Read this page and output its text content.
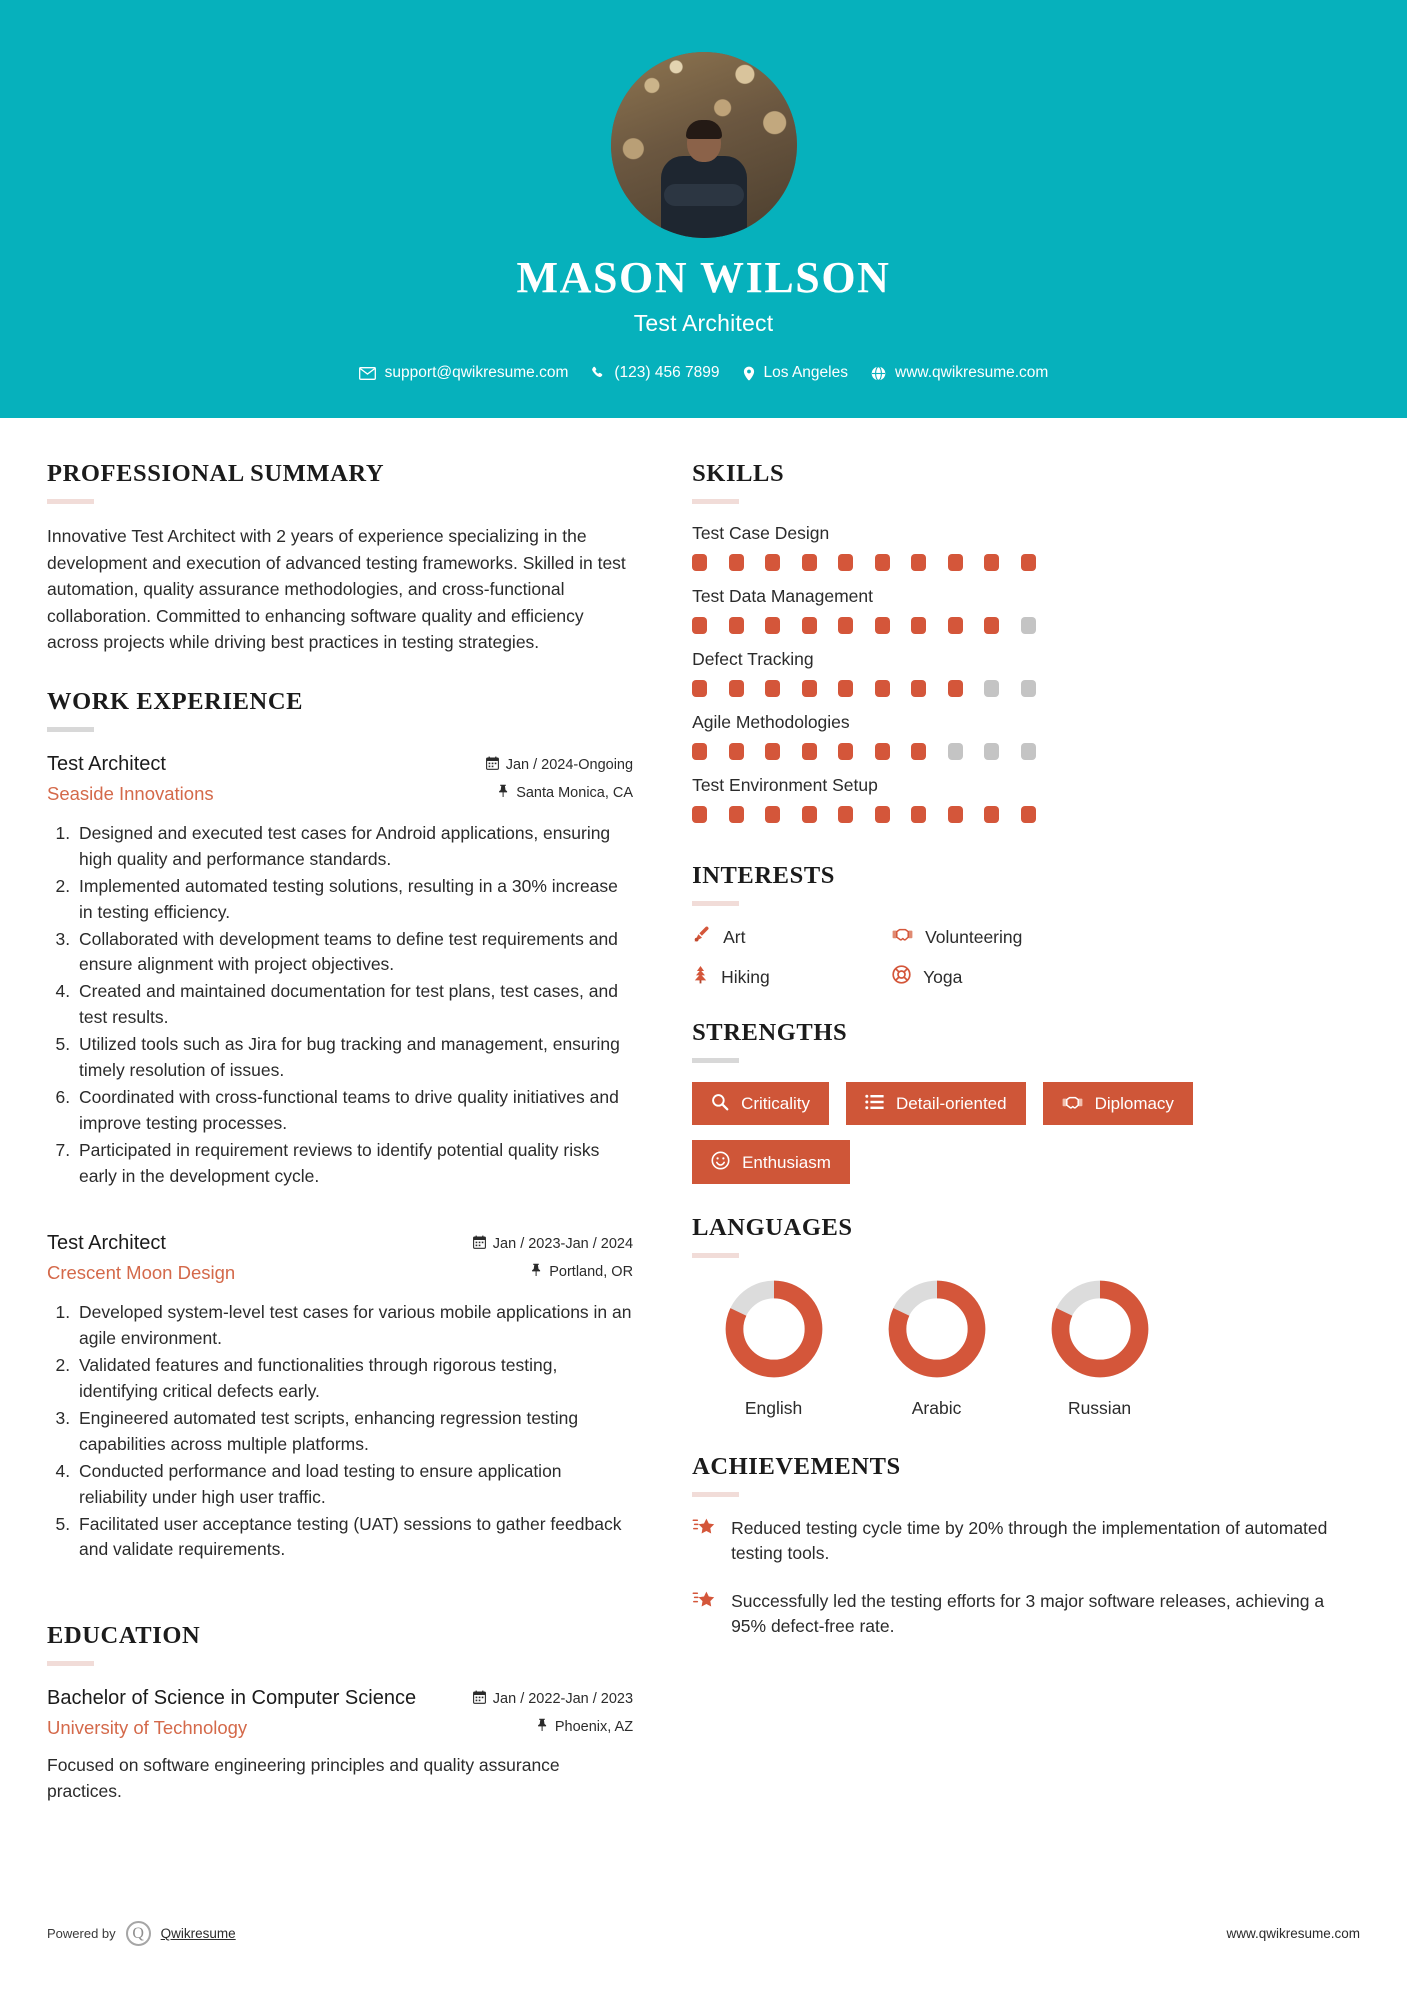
MASON WILSON
Test Architect
support@qwikresume.com	(123) 456 7899	Los Angeles	www.qwikresume.com
PROFESSIONAL SUMMARY
Innovative Test Architect with 2 years of experience specializing in the development and execution of advanced testing frameworks. Skilled in test automation, quality assurance methodologies, and cross-functional collaboration. Committed to enhancing software quality and efficiency across projects while driving best practices in testing strategies.
WORK EXPERIENCE
Test Architect
Seaside Innovations
Jan / 2024-Ongoing
Santa Monica, CA
1. Designed and executed test cases for Android applications, ensuring high quality and performance standards.
2. Implemented automated testing solutions, resulting in a 30% increase in testing efficiency.
3. Collaborated with development teams to define test requirements and ensure alignment with project objectives.
4. Created and maintained documentation for test plans, test cases, and test results.
5. Utilized tools such as Jira for bug tracking and management, ensuring timely resolution of issues.
6. Coordinated with cross-functional teams to drive quality initiatives and improve testing processes.
7. Participated in requirement reviews to identify potential quality risks early in the development cycle.
Test Architect
Crescent Moon Design
Jan / 2023-Jan / 2024
Portland, OR
1. Developed system-level test cases for various mobile applications in an agile environment.
2. Validated features and functionalities through rigorous testing, identifying critical defects early.
3. Engineered automated test scripts, enhancing regression testing capabilities across multiple platforms.
4. Conducted performance and load testing to ensure application reliability under high user traffic.
5. Facilitated user acceptance testing (UAT) sessions to gather feedback and validate requirements.
EDUCATION
Bachelor of Science in Computer Science
University of Technology
Jan / 2022-Jan / 2023
Phoenix, AZ
Focused on software engineering principles and quality assurance practices.
SKILLS
Test Case Design
Test Data Management
Defect Tracking
Agile Methodologies
Test Environment Setup
INTERESTS
Art	Volunteering
Hiking	Yoga
STRENGTHS
Criticality	Detail-oriented	Diplomacy
Enthusiasm
LANGUAGES
English	Arabic	Russian
ACHIEVEMENTS
Reduced testing cycle time by 20% through the implementation of automated testing tools.
Successfully led the testing efforts for 3 major software releases, achieving a 95% defect-free rate.
Powered by	Q	Qwikresume	www.qwikresume.com
